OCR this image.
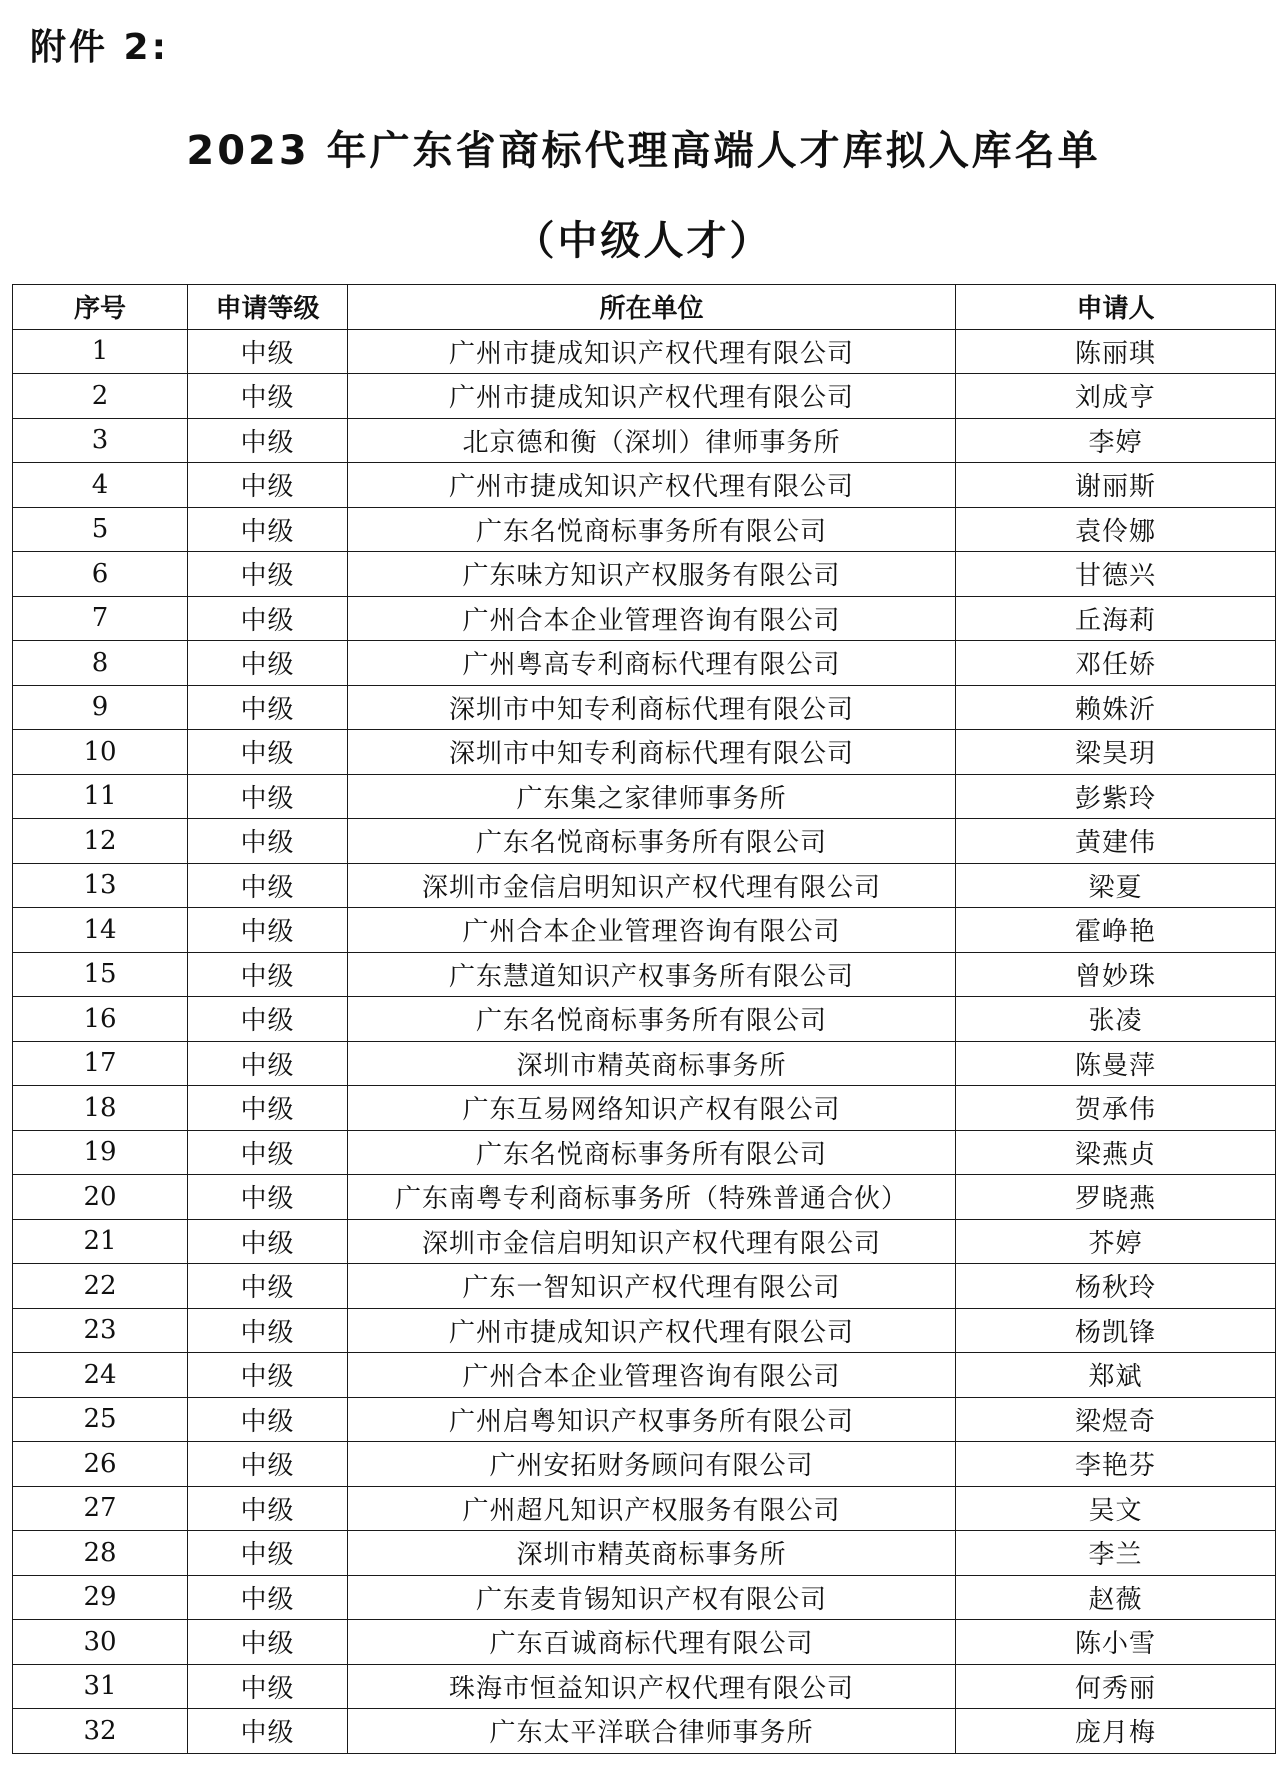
附件 2:
2023 年广东省商标代理高端人才库拟入库名单
（中级人才）
序号	申请等级	所在单位	申请人
1	中级	广州市捷成知识产权代理有限公司	陈丽琪
2	中级	广州市捷成知识产权代理有限公司	刘成亨
3	中级	北京德和衡（深圳）律师事务所	李婷
4	中级	广州市捷成知识产权代理有限公司	谢丽斯
5	中级	广东名悦商标事务所有限公司	袁伶娜
6	中级	广东味方知识产权服务有限公司	甘德兴
7	中级	广州合本企业管理咨询有限公司	丘海莉
8	中级	广州粤高专利商标代理有限公司	邓任娇
9	中级	深圳市中知专利商标代理有限公司	赖姝沂
10	中级	深圳市中知专利商标代理有限公司	梁昊玥
11	中级	广东集之家律师事务所	彭紫玲
12	中级	广东名悦商标事务所有限公司	黄建伟
13	中级	深圳市金信启明知识产权代理有限公司	梁夏
14	中级	广州合本企业管理咨询有限公司	霍峥艳
15	中级	广东慧道知识产权事务所有限公司	曾妙珠
16	中级	广东名悦商标事务所有限公司	张凌
17	中级	深圳市精英商标事务所	陈曼萍
18	中级	广东互易网络知识产权有限公司	贺承伟
19	中级	广东名悦商标事务所有限公司	梁燕贞
20	中级	广东南粤专利商标事务所（特殊普通合伙）	罗晓燕
21	中级	深圳市金信启明知识产权代理有限公司	芥婷
22	中级	广东一智知识产权代理有限公司	杨秋玲
23	中级	广州市捷成知识产权代理有限公司	杨凯锋
24	中级	广州合本企业管理咨询有限公司	郑斌
25	中级	广州启粤知识产权事务所有限公司	梁煜奇
26	中级	广州安拓财务顾问有限公司	李艳芬
27	中级	广州超凡知识产权服务有限公司	吴文
28	中级	深圳市精英商标事务所	李兰
29	中级	广东麦肯锡知识产权有限公司	赵薇
30	中级	广东百诚商标代理有限公司	陈小雪
31	中级	珠海市恒益知识产权代理有限公司	何秀丽
32	中级	广东太平洋联合律师事务所	庞月梅
